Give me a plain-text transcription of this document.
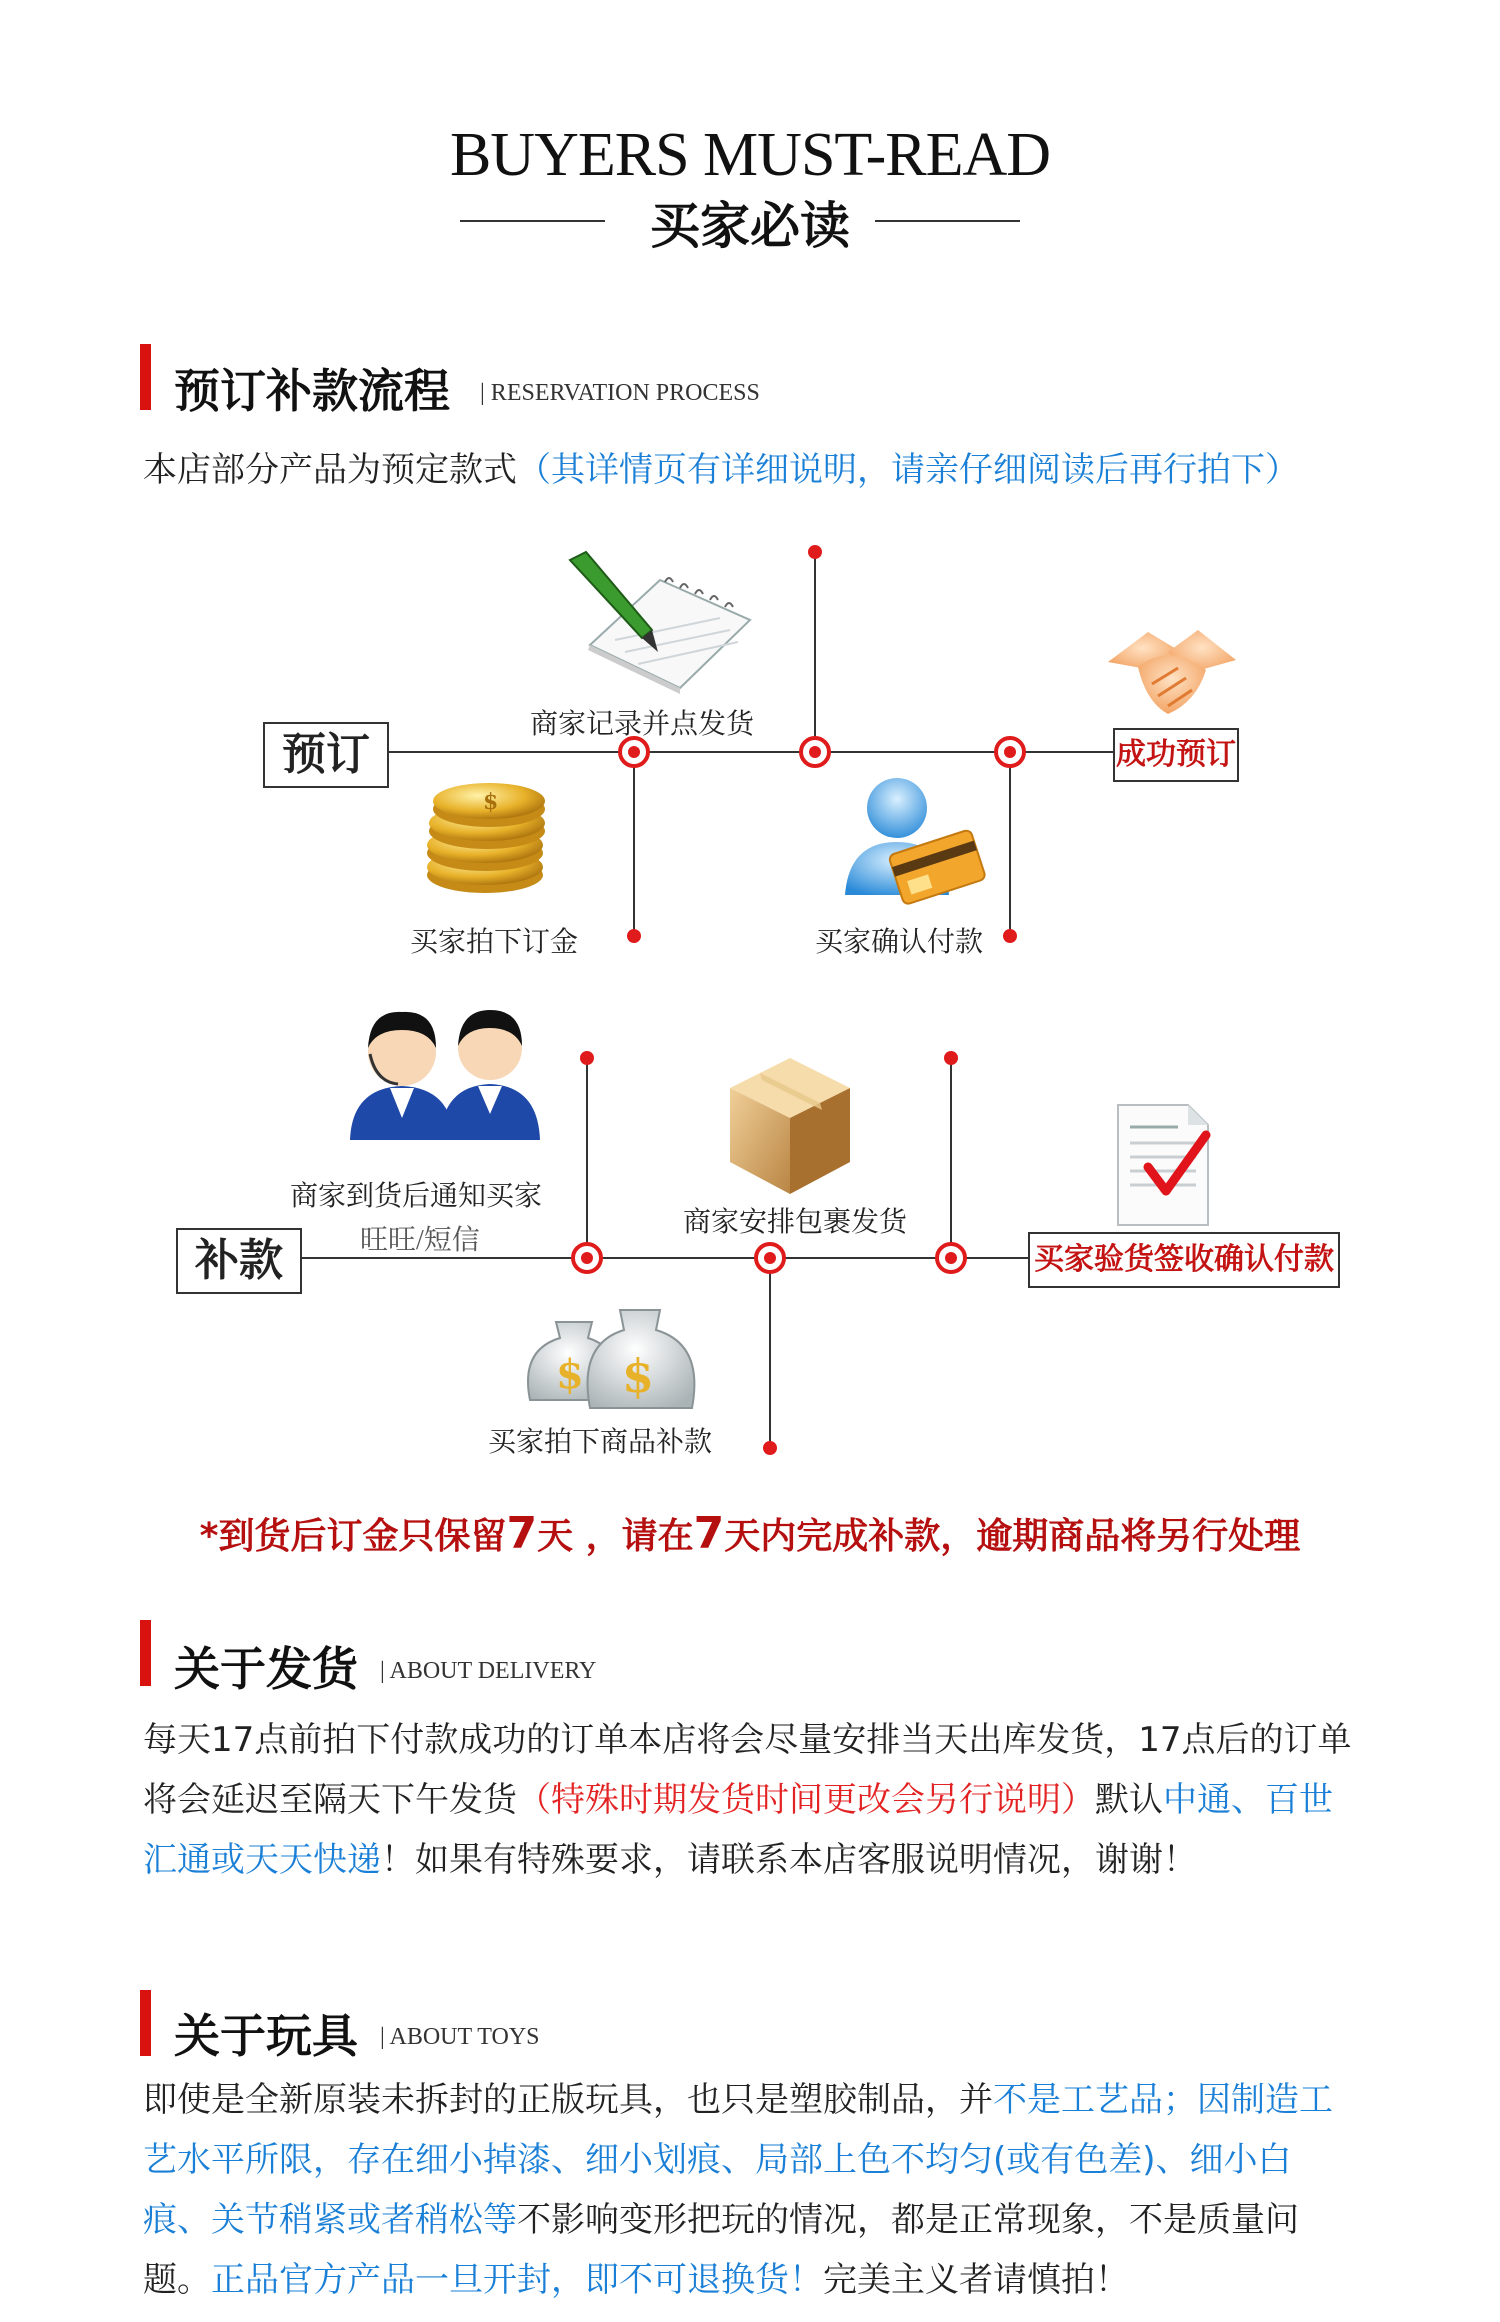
BUYERS MUST-READ
买家必读
预订补款流程 | RESERVATION PROCESS
本店部分产品为预定款式（其详情页有详细说明，请亲仔细阅读后再行拍下）
$
$ $
预订
商家记录并点发货
买家拍下订金	买家确认付款
成功预订
补款
商家到货后通知买家
旺旺/短信
商家安排包裹发货
买家拍下商品补款
买家验货签收确认付款
*到货后订金只保留7天 ，请在7天内完成补款，逾期商品将另行处理
关于发货 | ABOUT DELIVERY
每天17点前拍下付款成功的订单本店将会尽量安排当天出库发货，17点后的订单将会延迟至隔天下午发货（特殊时期发货时间更改会另行说明）默认中通、百世汇通或天天快递！如果有特殊要求，请联系本店客服说明情况，谢谢！
关于玩具 | ABOUT TOYS
即使是全新原装未拆封的正版玩具，也只是塑胶制品，并不是工艺品；因制造工艺水平所限，存在细小掉漆、细小划痕、局部上色不均匀(或有色差)、细小白痕、关节稍紧或者稍松等不影响变形把玩的情况，都是正常现象，不是质量问题。正品官方产品一旦开封，即不可退换货！完美主义者请慎拍！
